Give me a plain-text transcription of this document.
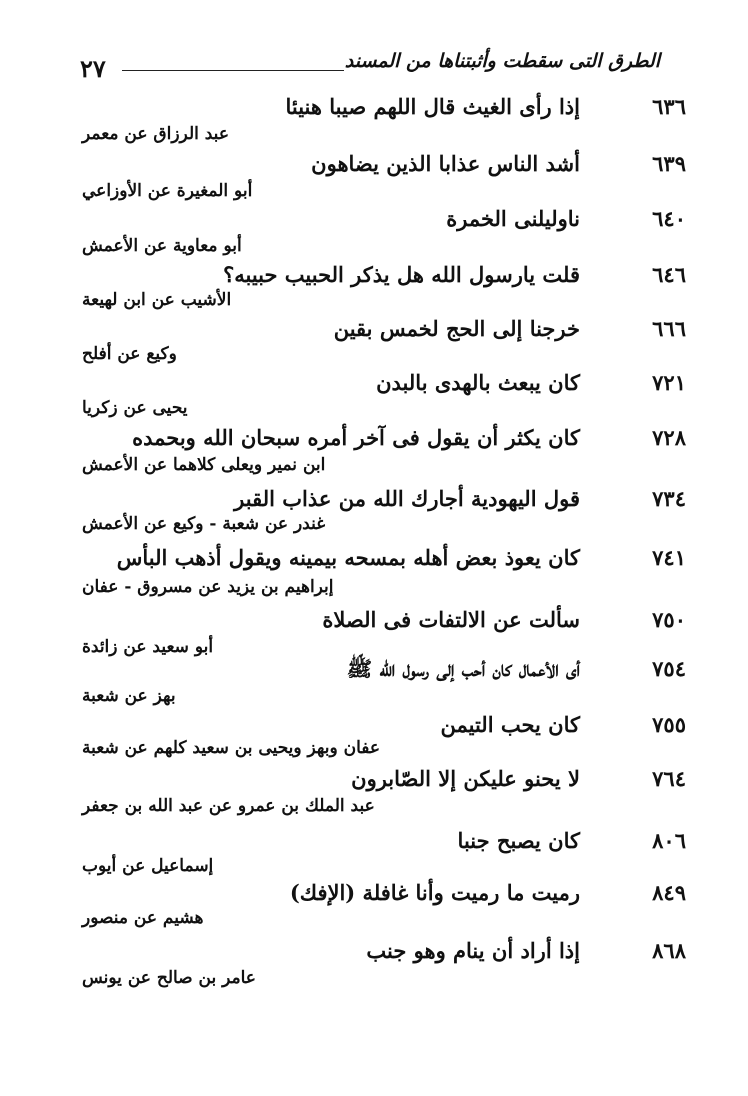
٢٧	الطرق التى سقطت وأثبتناها من المسند
٦٣٦
إذا رأى الغيث قال اللهم صيبا هنيئا
عبد الرزاق عن معمر
٦٣٩
أشد الناس عذابا الذين يضاهون
أبو المغيرة عن الأوزاعي
٦٤٠
ناوليلنى الخمرة
أبو معاوية عن الأعمش
٦٤٦
قلت يارسول الله هل يذكر الحبيب حبيبه؟
الأشيب عن ابن لهيعة
٦٦٦
خرجنا إلى الحج لخمس بقين
وكيع عن أفلح
٧٢١
كان يبعث بالهدى بالبدن
يحيى عن زكريا
٧٢٨
كان يكثر أن يقول فى آخر أمره سبحان الله وبحمده
ابن نمير ويعلى كلاهما عن الأعمش
٧٣٤
قول اليهودية أجارك الله من عذاب القبر
غندر عن شعبة - وكيع عن الأعمش
٧٤١
كان يعوذ بعض أهله بمسحه بيمينه ويقول أذهب البأس
إبراهيم بن يزيد عن مسروق - عفان
٧٥٠
سألت عن الالتفات فى الصلاة
أبو سعيد عن زائدة
٧٥٤
أى الأعمال كان أحب إلى رسول الله ﷺ
بهز عن شعبة
٧٥٥
كان يحب التيمن
عفان وبهز ويحيى بن سعيد كلهم عن شعبة
٧٦٤
لا يحنو عليكن إلا الصّابرون
عبد الملك بن عمرو عن عبد الله بن جعفر
٨٠٦
كان يصبح جنبا
إسماعيل عن أيوب
٨٤٩
رميت ما رميت وأنا غافلة (الإفك)
هشيم عن منصور
٨٦٨
إذا أراد أن ينام وهو جنب
عامر بن صالح عن يونس
